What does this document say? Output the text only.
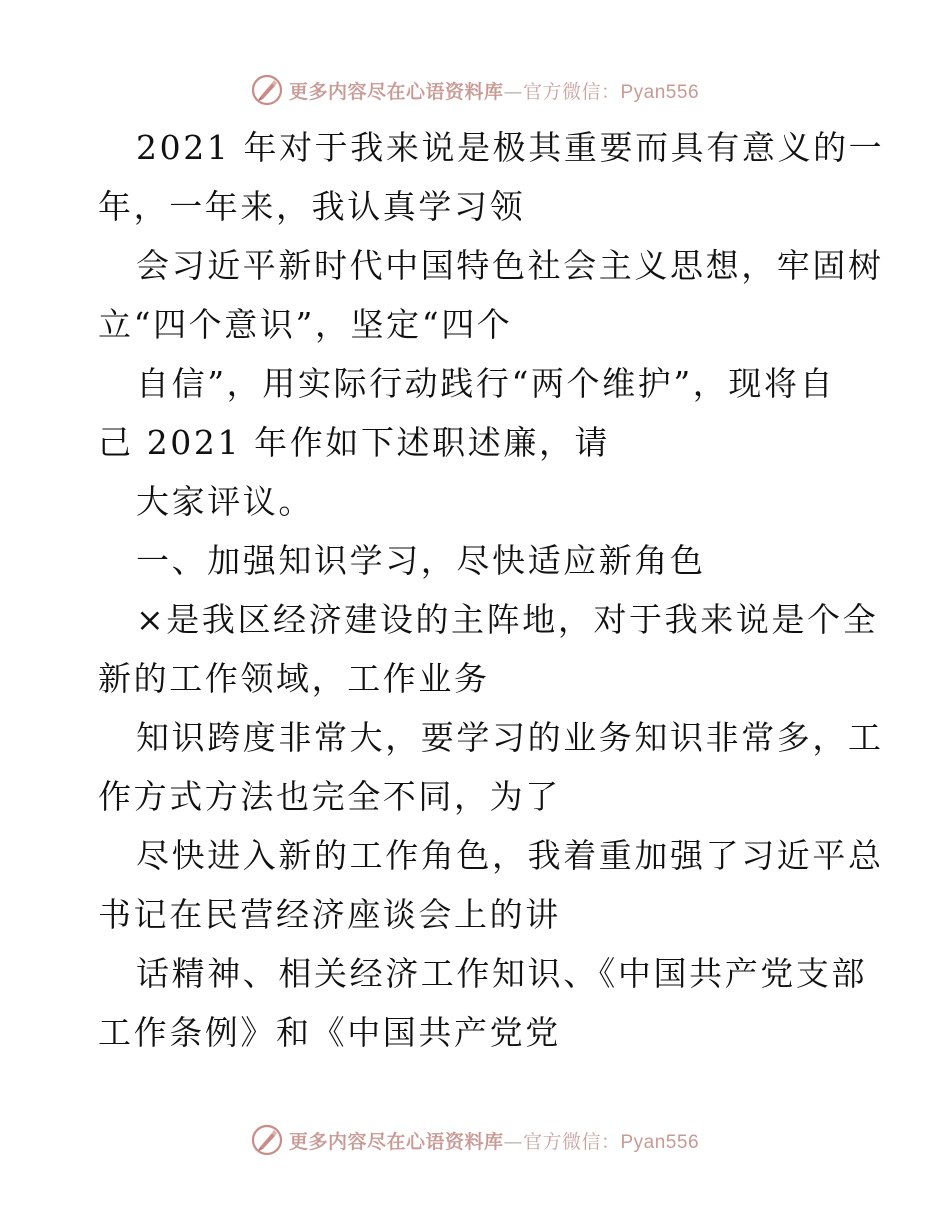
更多内容尽在心语资料库—官方微信：Pyan556
2021 年对于我来说是极其重要而具有意义的一
年，一年来，我认真学习领
会习近平新时代中国特色社会主义思想，牢固树
立“四个意识”，坚定“四个
自信”，用实际行动践行“两个维护”，现将自
己 2021 年作如下述职述廉，请
大家评议。
一、加强知识学习，尽快适应新角色
×是我区经济建设的主阵地，对于我来说是个全
新的工作领域，工作业务
知识跨度非常大，要学习的业务知识非常多，工
作方式方法也完全不同，为了
尽快进入新的工作角色，我着重加强了习近平总
书记在民营经济座谈会上的讲
话精神、相关经济工作知识、《中国共产党支部
工作条例》和《中国共产党党
更多内容尽在心语资料库—官方微信：Pyan556
